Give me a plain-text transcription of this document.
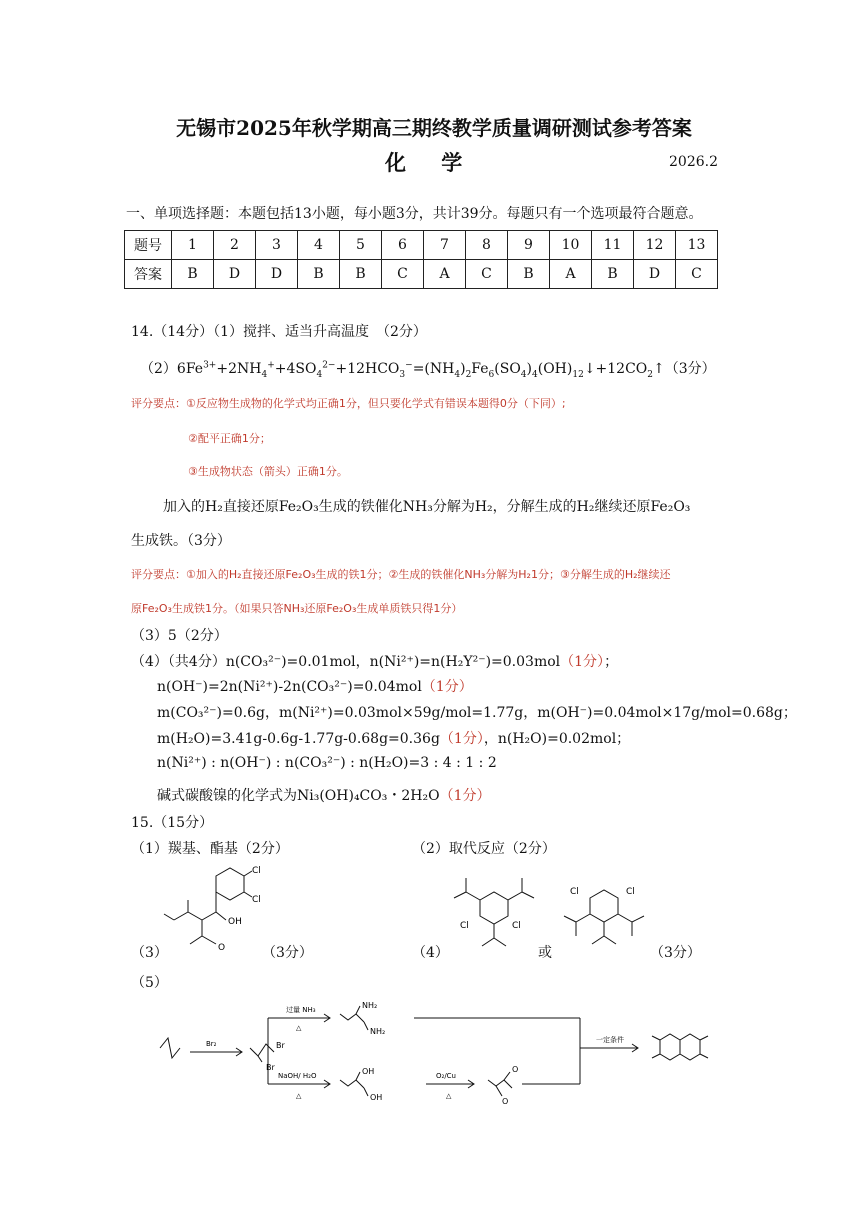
无锡市2025年秋学期高三期终教学质量调研测试参考答案
化 学	2026.2
一、单项选择题：本题包括13小题，每小题3分，共计39分。每题只有一个选项最符合题意。
题号	1	2	3	4	5	6	7	8	9	10	11	12	13
答案	B	D	D	B	B	C	A	C	B	A	B	D	C
14.（14分）（1）搅拌、适当升高温度　（2分）
$(2)6Fe^{3+}+2NH_4^++4SO_4^{2-}+12HCO_3^-=(NH_4)_2Fe_6(SO_4)_4(OH)_{12}↓+12CO_2↑(3$分）
评分要点：①反应物生成物的化学式均正确1分，但只要化学式有错误本题得0分（下同）;
②配平正确1分；
③生成物状态（箭头）正确1分。
加入的H₂直接还原Fe₂O₃生成的铁催化NH₃分解为H₂，分解生成的H₂继续还原Fe₂O₃
生成铁。（3分）
评分要点：①加入的H₂直接还原Fe₂O₃生成的铁1分；②生成的铁催化NH₃分解为H₂1分；③分解生成的H₂继续还
原Fe₂O₃生成铁1分。（如果只答NH₃还原Fe₂O₃生成单质铁只得1分）
（3）5（2分）
（4）（共4分）n(CO₃²⁻)=0.01mol，n(Ni²⁺)=n(H₂Y²⁻)=0.03mol（1分）；
n(OH⁻)=2n(Ni²⁺)-2n(CO₃²⁻)=0.04mol（1分）
m(CO₃²⁻)=0.6g，m(Ni²⁺)=0.03mol×59g/mol=1.77g，m(OH⁻)=0.04mol×17g/mol=0.68g；
m(H₂O)=3.41g-0.6g-1.77g-0.68g=0.36g（1分），n(H₂O)=0.02mol；
n(Ni²⁺) : n(OH⁻) : n(CO₃²⁻) : n(H₂O)=3 : 4 : 1 : 2
碱式碳酸镍的化学式为Ni₃(OH)₄CO₃・2H₂O（1分）
15.（15分）
（1）羰基、酯基（2分）	（2）取代反应（2分）
（3）	（3分）	（4）	或	（3分）
（5）
Cl
Cl
OH
O
Cl	Cl
Cl	Cl
Br₂	Br
Br
过量 NH₃
△
NaOH/ H₂O
△
NH₂
NH₂
OH
OH
O₂/Cu
△
O
O
一定条件
